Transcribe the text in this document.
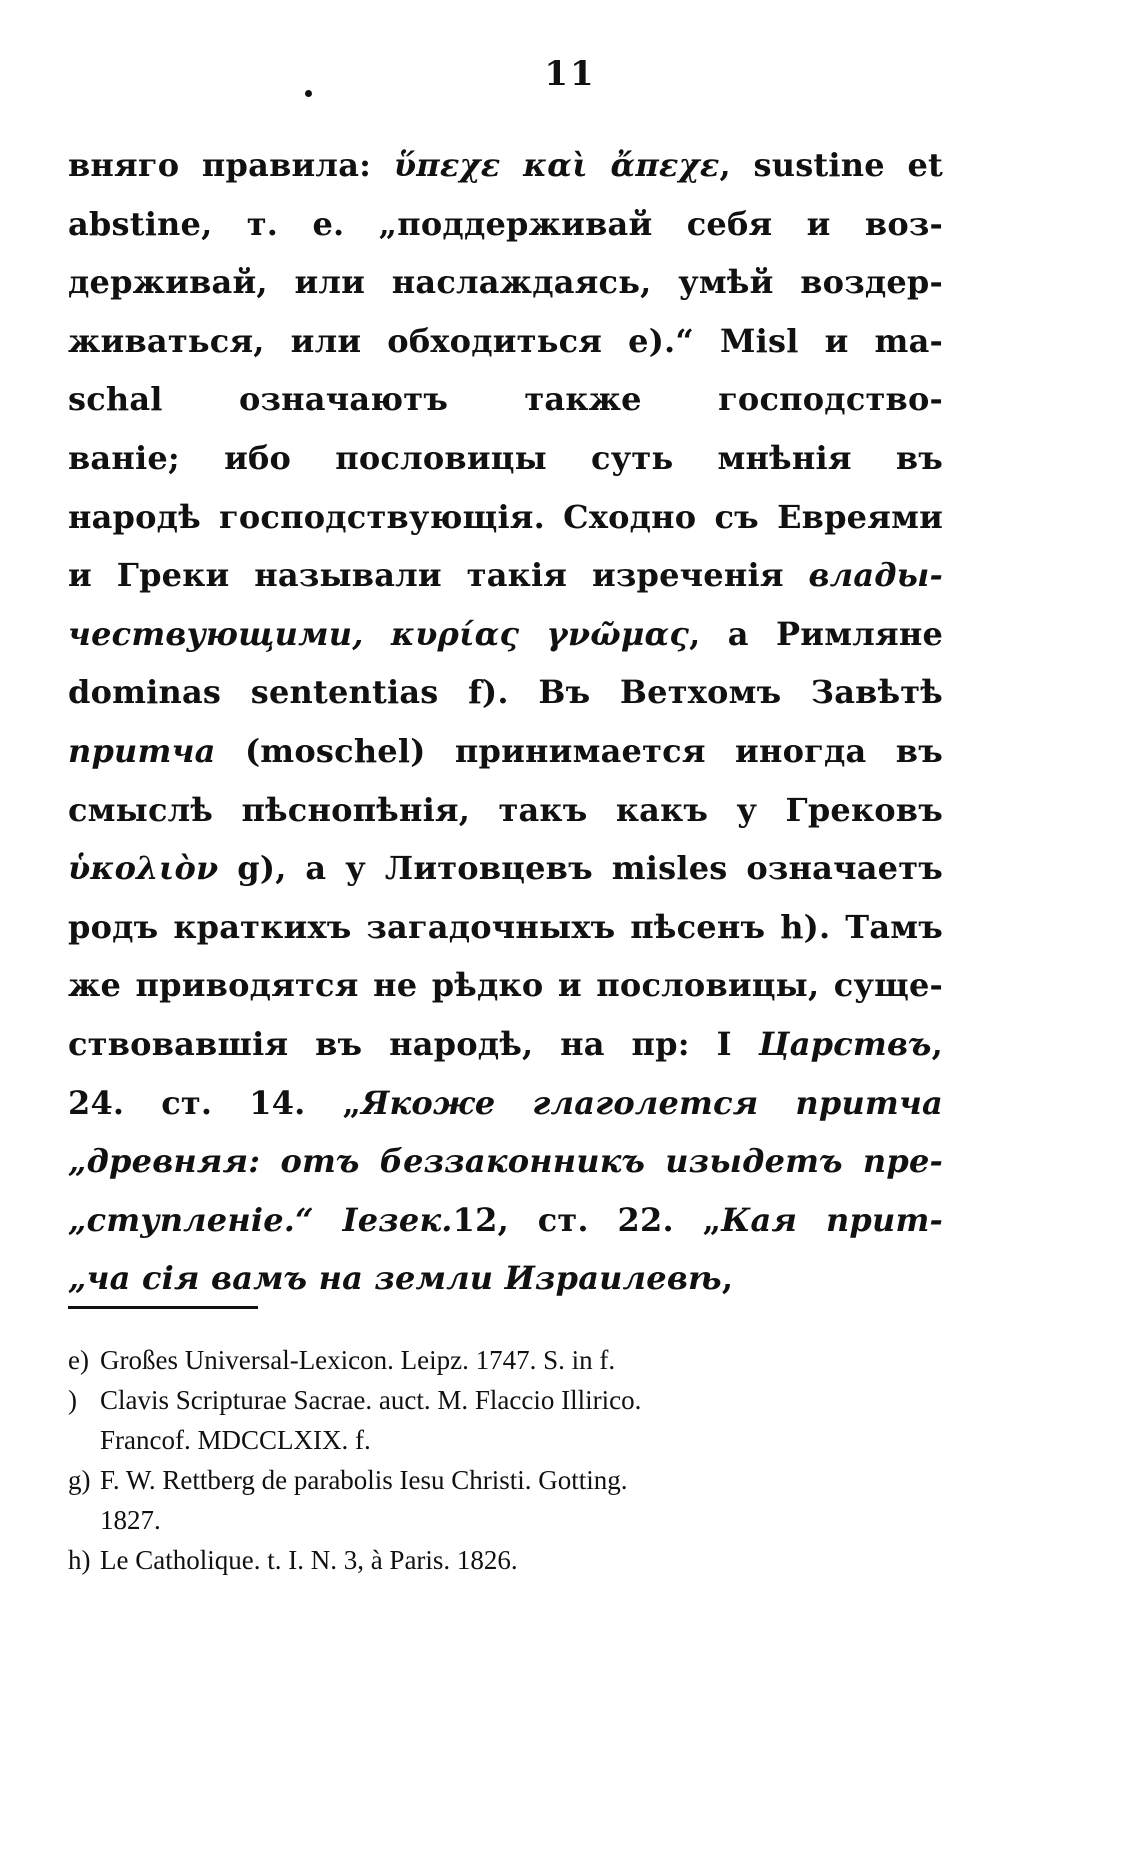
11
вняго правила: ὕπεχε καὶ ἄπεχε, sustine et
abstine, т. е. „поддерживай себя и воз-
держивай, или наслаждаясь, умѣй воздер-
живаться, или обходиться e).“ Misl и ma-
schal означаютъ также господство-
ваніе; ибо пословицы суть мнѣнія въ
народѣ господствующія. Сходно съ Евреями
и Греки называли такія изреченія влады-
чествующими, κυρίας γνῶμας, а Римляне
dominas sententias f). Въ Ветхомъ Завѣтѣ
притча (moschel) принимается иногда въ
смыслѣ пѣснопѣнія, такъ какъ у Грековъ
ὑκολιὸν g), а у Литовцевъ misles означаетъ
родъ краткихъ загадочныхъ пѣсенъ h). Тамъ
же приводятся не рѣдко и пословицы, суще-
ствовавшія въ народѣ, на пр: I Царствъ,
24. ст. 14. „Якоже глаголется притча
„древняя: отъ беззаконникъ изыдетъ пре-
„ступленіе.“ Iезек.12, ст. 22. „Кая прит-
„ча сія вамъ на земли Израилевѣ,
e) Großes Universal-Lexicon. Leipz. 1747. S. in f.
) Clavis Scripturae Sacrae. auct. M. Flaccio Illirico.
Francof. MDCCLXIX. f.
g) F. W. Rettberg de parabolis Iesu Christi. Gotting.
1827.
h) Le Catholique. t. I. N. 3, à Paris. 1826.
